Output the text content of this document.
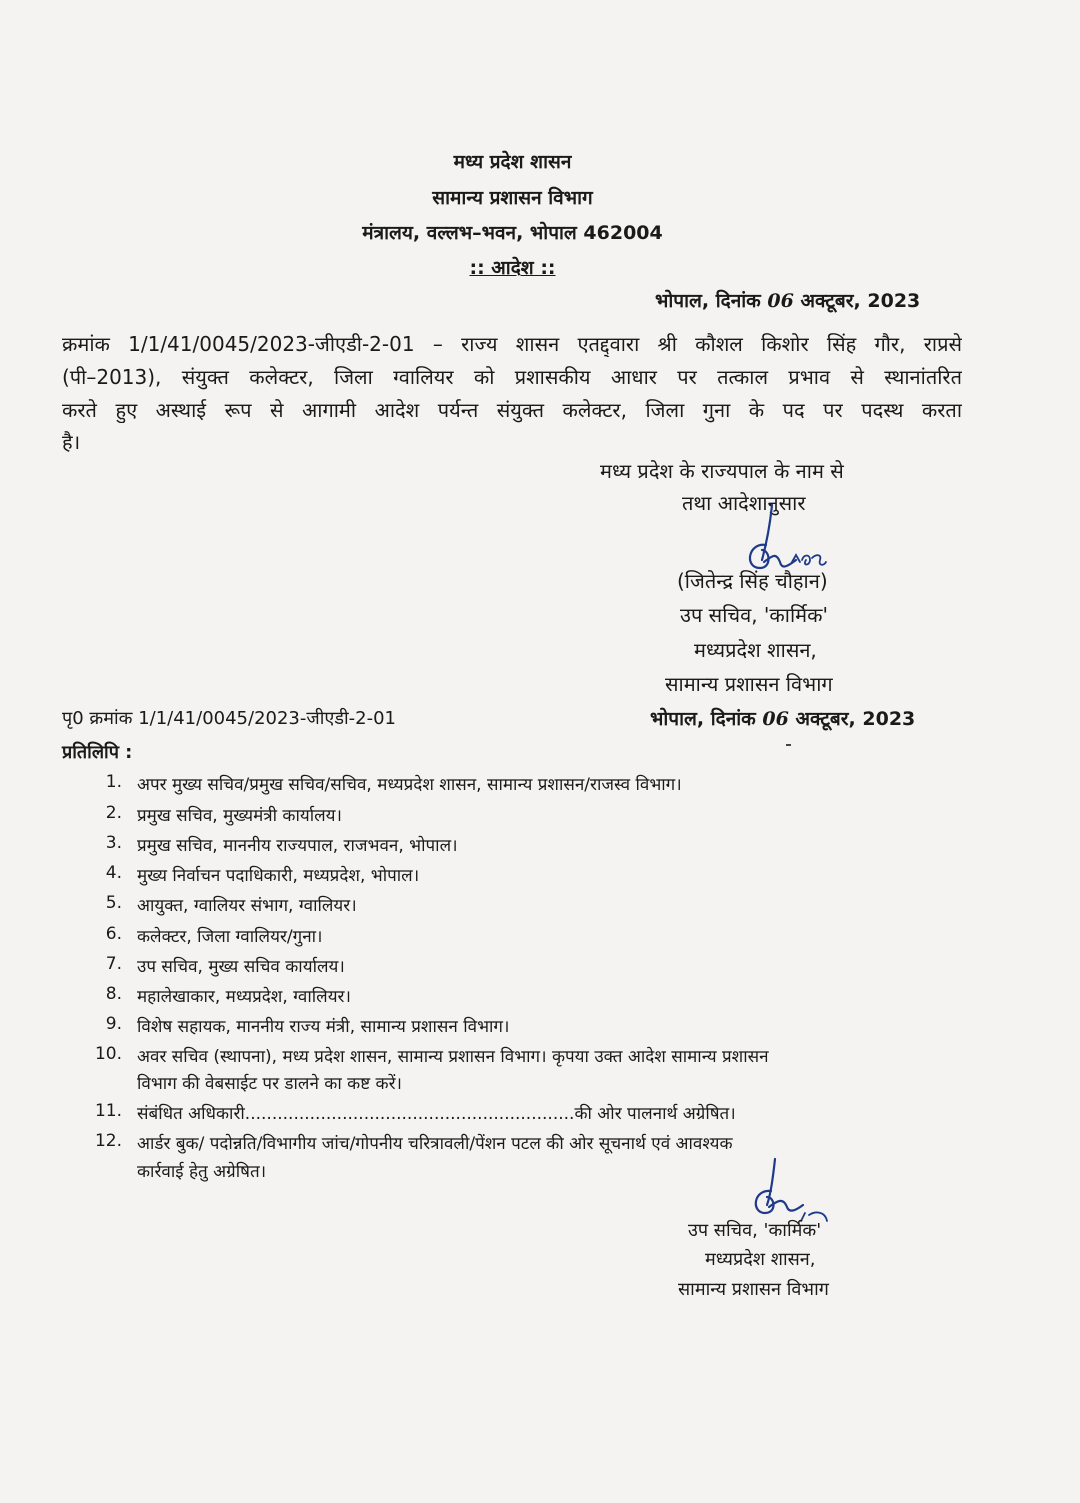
मध्य प्रदेश शासन
सामान्य प्रशासन विभाग
मंत्रालय, वल्लभ–भवन, भोपाल 462004
:: आदेश ::
भोपाल, दिनांक 06 अक्टूबर, 2023
क्रमांक 1/1/41/0045/2023-जीएडी-2-01 – राज्य शासन एतद्द्वारा श्री कौशल किशोर सिंह गौर, राप्रसे
(पी–2013), संयुक्त कलेक्टर, जिला ग्वालियर को प्रशासकीय आधार पर तत्काल प्रभाव से स्थानांतरित
करते हुए अस्थाई रूप से आगामी आदेश पर्यन्त संयुक्त कलेक्टर, जिला गुना के पद पर पदस्थ करता
है।
मध्य प्रदेश के राज्यपाल के नाम से
तथा आदेशानुसार
(जितेन्द्र सिंह चौहान)
उप सचिव, 'कार्मिक'
मध्यप्रदेश शासन,
सामान्य प्रशासन विभाग
पृ0 क्रमांक 1/1/41/0045/2023-जीएडी-2-01	भोपाल, दिनांक 06 अक्टूबर, 2023
प्रतिलिपि :
1. अपर मुख्य सचिव/प्रमुख सचिव/सचिव, मध्यप्रदेश शासन, सामान्य प्रशासन/राजस्व विभाग।
2. प्रमुख सचिव, मुख्यमंत्री कार्यालय।
3. प्रमुख सचिव, माननीय राज्यपाल, राजभवन, भोपाल।
4. मुख्य निर्वाचन पदाधिकारी, मध्यप्रदेश, भोपाल।
5. आयुक्त, ग्वालियर संभाग, ग्वालियर।
6. कलेक्टर, जिला ग्वालियर/गुना।
7. उप सचिव, मुख्य सचिव कार्यालय।
8. महालेखाकार, मध्यप्रदेश, ग्वालियर।
9. विशेष सहायक, माननीय राज्य मंत्री, सामान्य प्रशासन विभाग।
10. अवर सचिव (स्थापना), मध्य प्रदेश शासन, सामान्य प्रशासन विभाग। कृपया उक्त आदेश सामान्य प्रशासन
विभाग की वेबसाईट पर डालने का कष्ट करें।
11. संबंधित अधिकारी.............................................................की ओर पालनार्थ अग्रेषित।
12. आर्डर बुक/ पदोन्नति/विभागीय जांच/गोपनीय चरित्रावली/पेंशन पटल की ओर सूचनार्थ एवं आवश्यक
कार्रवाई हेतु अग्रेषित।
उप सचिव, 'कार्मिक'
मध्यप्रदेश शासन,
सामान्य प्रशासन विभाग
